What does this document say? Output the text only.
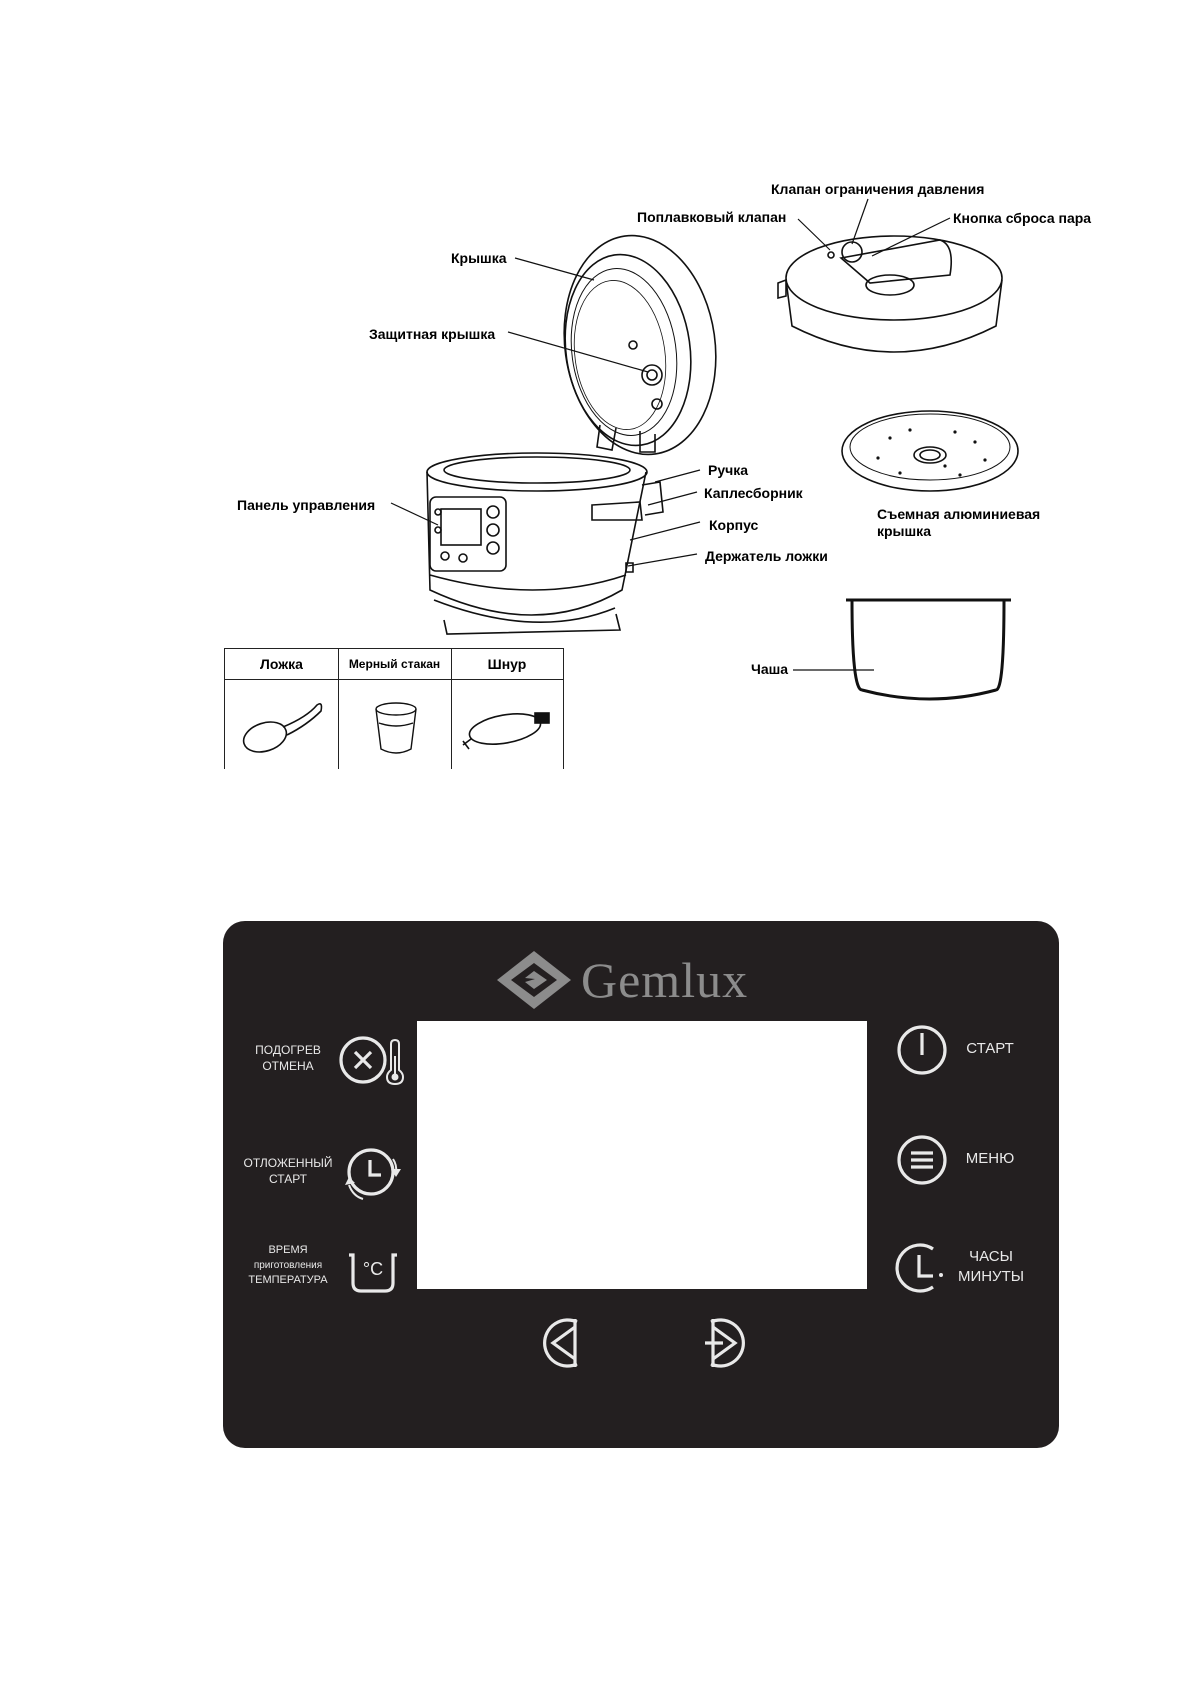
Клапан ограничения давления
Поплавковый клапан	Кнопка сброса пара
Крышка
Защитная крышка
Ручка
Каплесборник
Панель управления
Корпус
Держатель ложки
Съемная алюминиевая
крышка
Чаша
Ложка	Мерный стакан	Шнур
Gemlux
ПОДОГРЕВ
ОТМЕНА
ОТЛОЖЕННЫЙ
СТАРТ
ВРЕМЯ
приготовления
ТЕМПЕРАТУРА
°C
СТАРТ
МЕНЮ
ЧАСЫ
МИНУТЫ
